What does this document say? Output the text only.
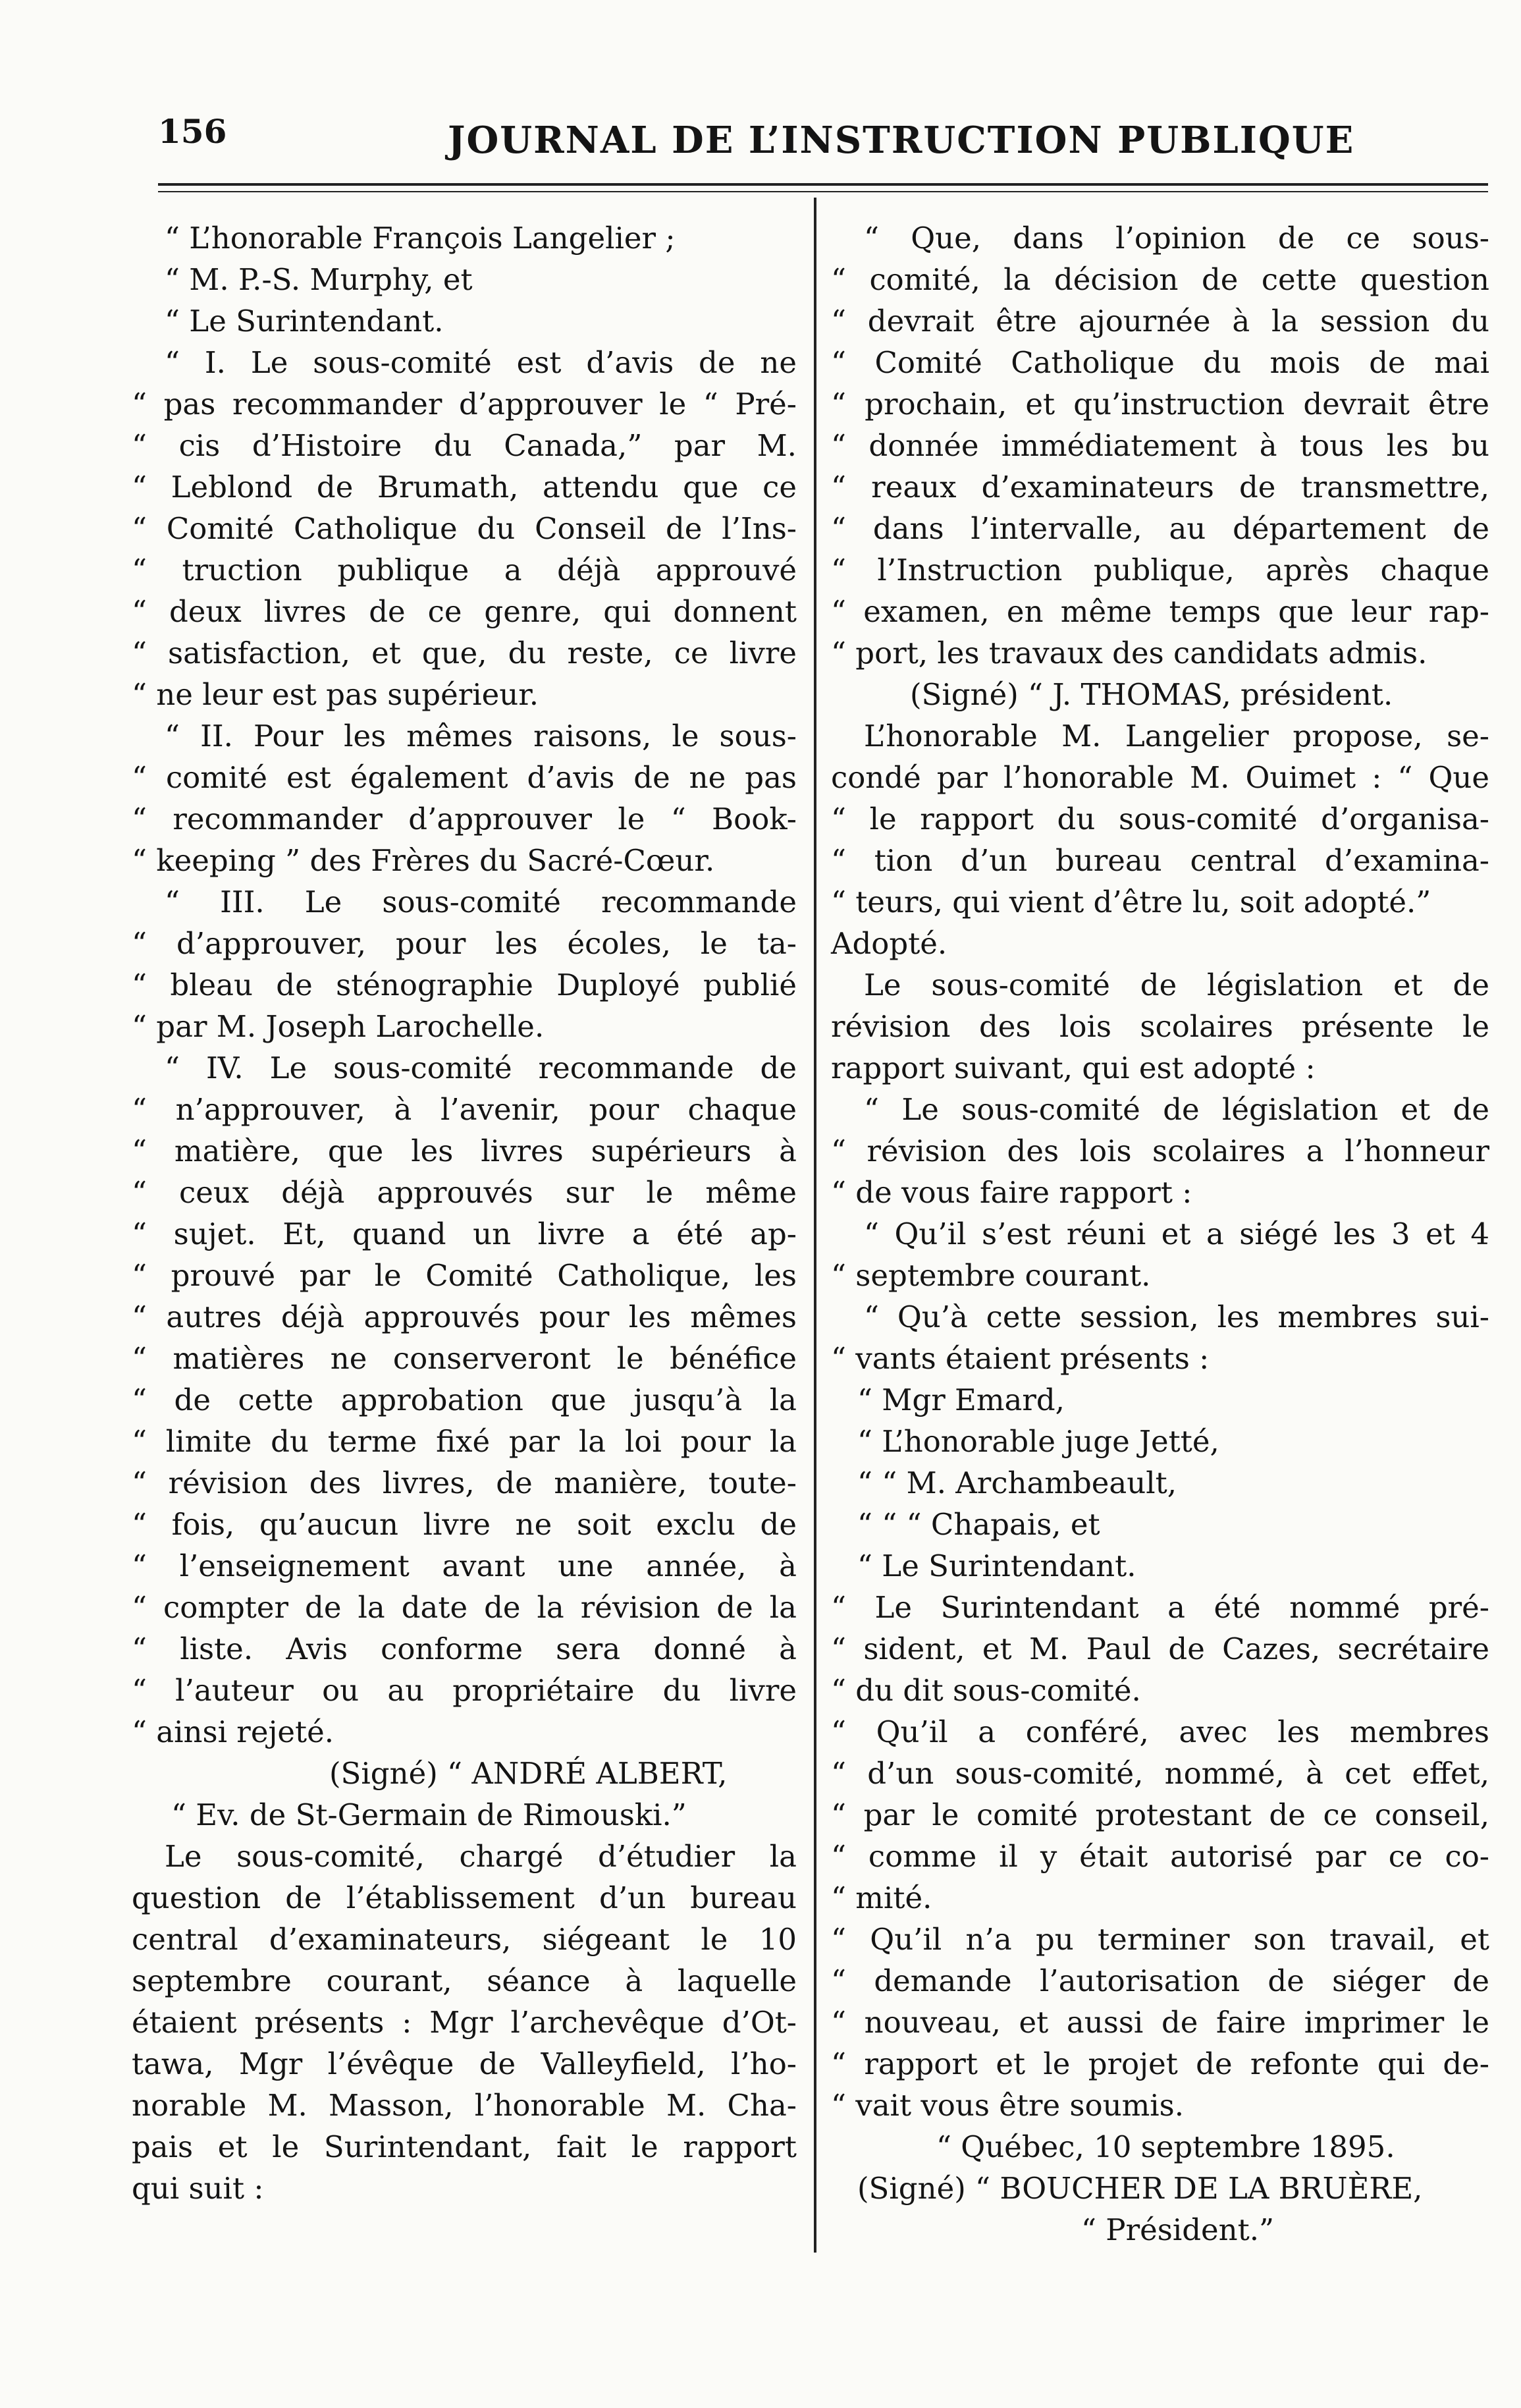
156	JOURNAL DE L’INSTRUCTION PUBLIQUE
“ L’honorable François Langelier ;
“ M. P.-S. Murphy, et
“ Le Surintendant.
“ I. Le sous-comité est d’avis de ne
“ pas recommander d’approuver le “ Pré-
“ cis d’Histoire du Canada,” par M.
“ Leblond de Brumath, attendu que ce
“ Comité Catholique du Conseil de l’Ins-
“ truction publique a déjà approuvé
“ deux livres de ce genre, qui donnent
“ satisfaction, et que, du reste, ce livre
“ ne leur est pas supérieur.
“ II. Pour les mêmes raisons, le sous-
“ comité est également d’avis de ne pas
“ recommander d’approuver le “ Book-
“ keeping ” des Frères du Sacré-Cœur.
“ III. Le sous-comité recommande
“ d’approuver, pour les écoles, le ta-
“ bleau de sténographie Duployé publié
“ par M. Joseph Larochelle.
“ IV. Le sous-comité recommande de
“ n’approuver, à l’avenir, pour chaque
“ matière, que les livres supérieurs à
“ ceux déjà approuvés sur le même
“ sujet. Et, quand un livre a été ap-
“ prouvé par le Comité Catholique, les
“ autres déjà approuvés pour les mêmes
“ matières ne conserveront le bénéfice
“ de cette approbation que jusqu’à la
“ limite du terme fixé par la loi pour la
“ révision des livres, de manière, toute-
“ fois, qu’aucun livre ne soit exclu de
“ l’enseignement avant une année, à
“ compter de la date de la révision de la
“ liste. Avis conforme sera donné à
“ l’auteur ou au propriétaire du livre
“ ainsi rejeté.
(Signé) “ ANDRÉ ALBERT,
“ Ev. de St-Germain de Rimouski.”
Le sous-comité, chargé d’étudier la
question de l’établissement d’un bureau
central d’examinateurs, siégeant le 10
septembre courant, séance à laquelle
étaient présents : Mgr l’archevêque d’Ot-
tawa, Mgr l’évêque de Valleyfield, l’ho-
norable M. Masson, l’honorable M. Cha-
pais et le Surintendant, fait le rapport
qui suit :
“ Que, dans l’opinion de ce sous-
“ comité, la décision de cette question
“ devrait être ajournée à la session du
“ Comité Catholique du mois de mai
“ prochain, et qu’instruction devrait être
“ donnée immédiatement à tous les bu
“ reaux d’examinateurs de transmettre,
“ dans l’intervalle, au département de
“ l’Instruction publique, après chaque
“ examen, en même temps que leur rap-
“ port, les travaux des candidats admis.
(Signé) “ J. THOMAS, président.
L’honorable M. Langelier propose, se-
condé par l’honorable M. Ouimet : “ Que
“ le rapport du sous-comité d’organisa-
“ tion d’un bureau central d’examina-
“ teurs, qui vient d’être lu, soit adopté.”
Adopté.
Le sous-comité de législation et de
révision des lois scolaires présente le
rapport suivant, qui est adopté :
“ Le sous-comité de législation et de
“ révision des lois scolaires a l’honneur
“ de vous faire rapport :
“ Qu’il s’est réuni et a siégé les 3 et 4
“ septembre courant.
“ Qu’à cette session, les membres sui-
“ vants étaient présents :
“ Mgr Emard,
“ L’honorable juge Jetté,
“ “ M. Archambeault,
“ “ “ Chapais, et
“ Le Surintendant.
“ Le Surintendant a été nommé pré-
“ sident, et M. Paul de Cazes, secrétaire
“ du dit sous-comité.
“ Qu’il a conféré, avec les membres
“ d’un sous-comité, nommé, à cet effet,
“ par le comité protestant de ce conseil,
“ comme il y était autorisé par ce co-
“ mité.
“ Qu’il n’a pu terminer son travail, et
“ demande l’autorisation de siéger de
“ nouveau, et aussi de faire imprimer le
“ rapport et le projet de refonte qui de-
“ vait vous être soumis.
“ Québec, 10 septembre 1895.
(Signé) “ BOUCHER DE LA BRUÈRE,
“ Président.”
